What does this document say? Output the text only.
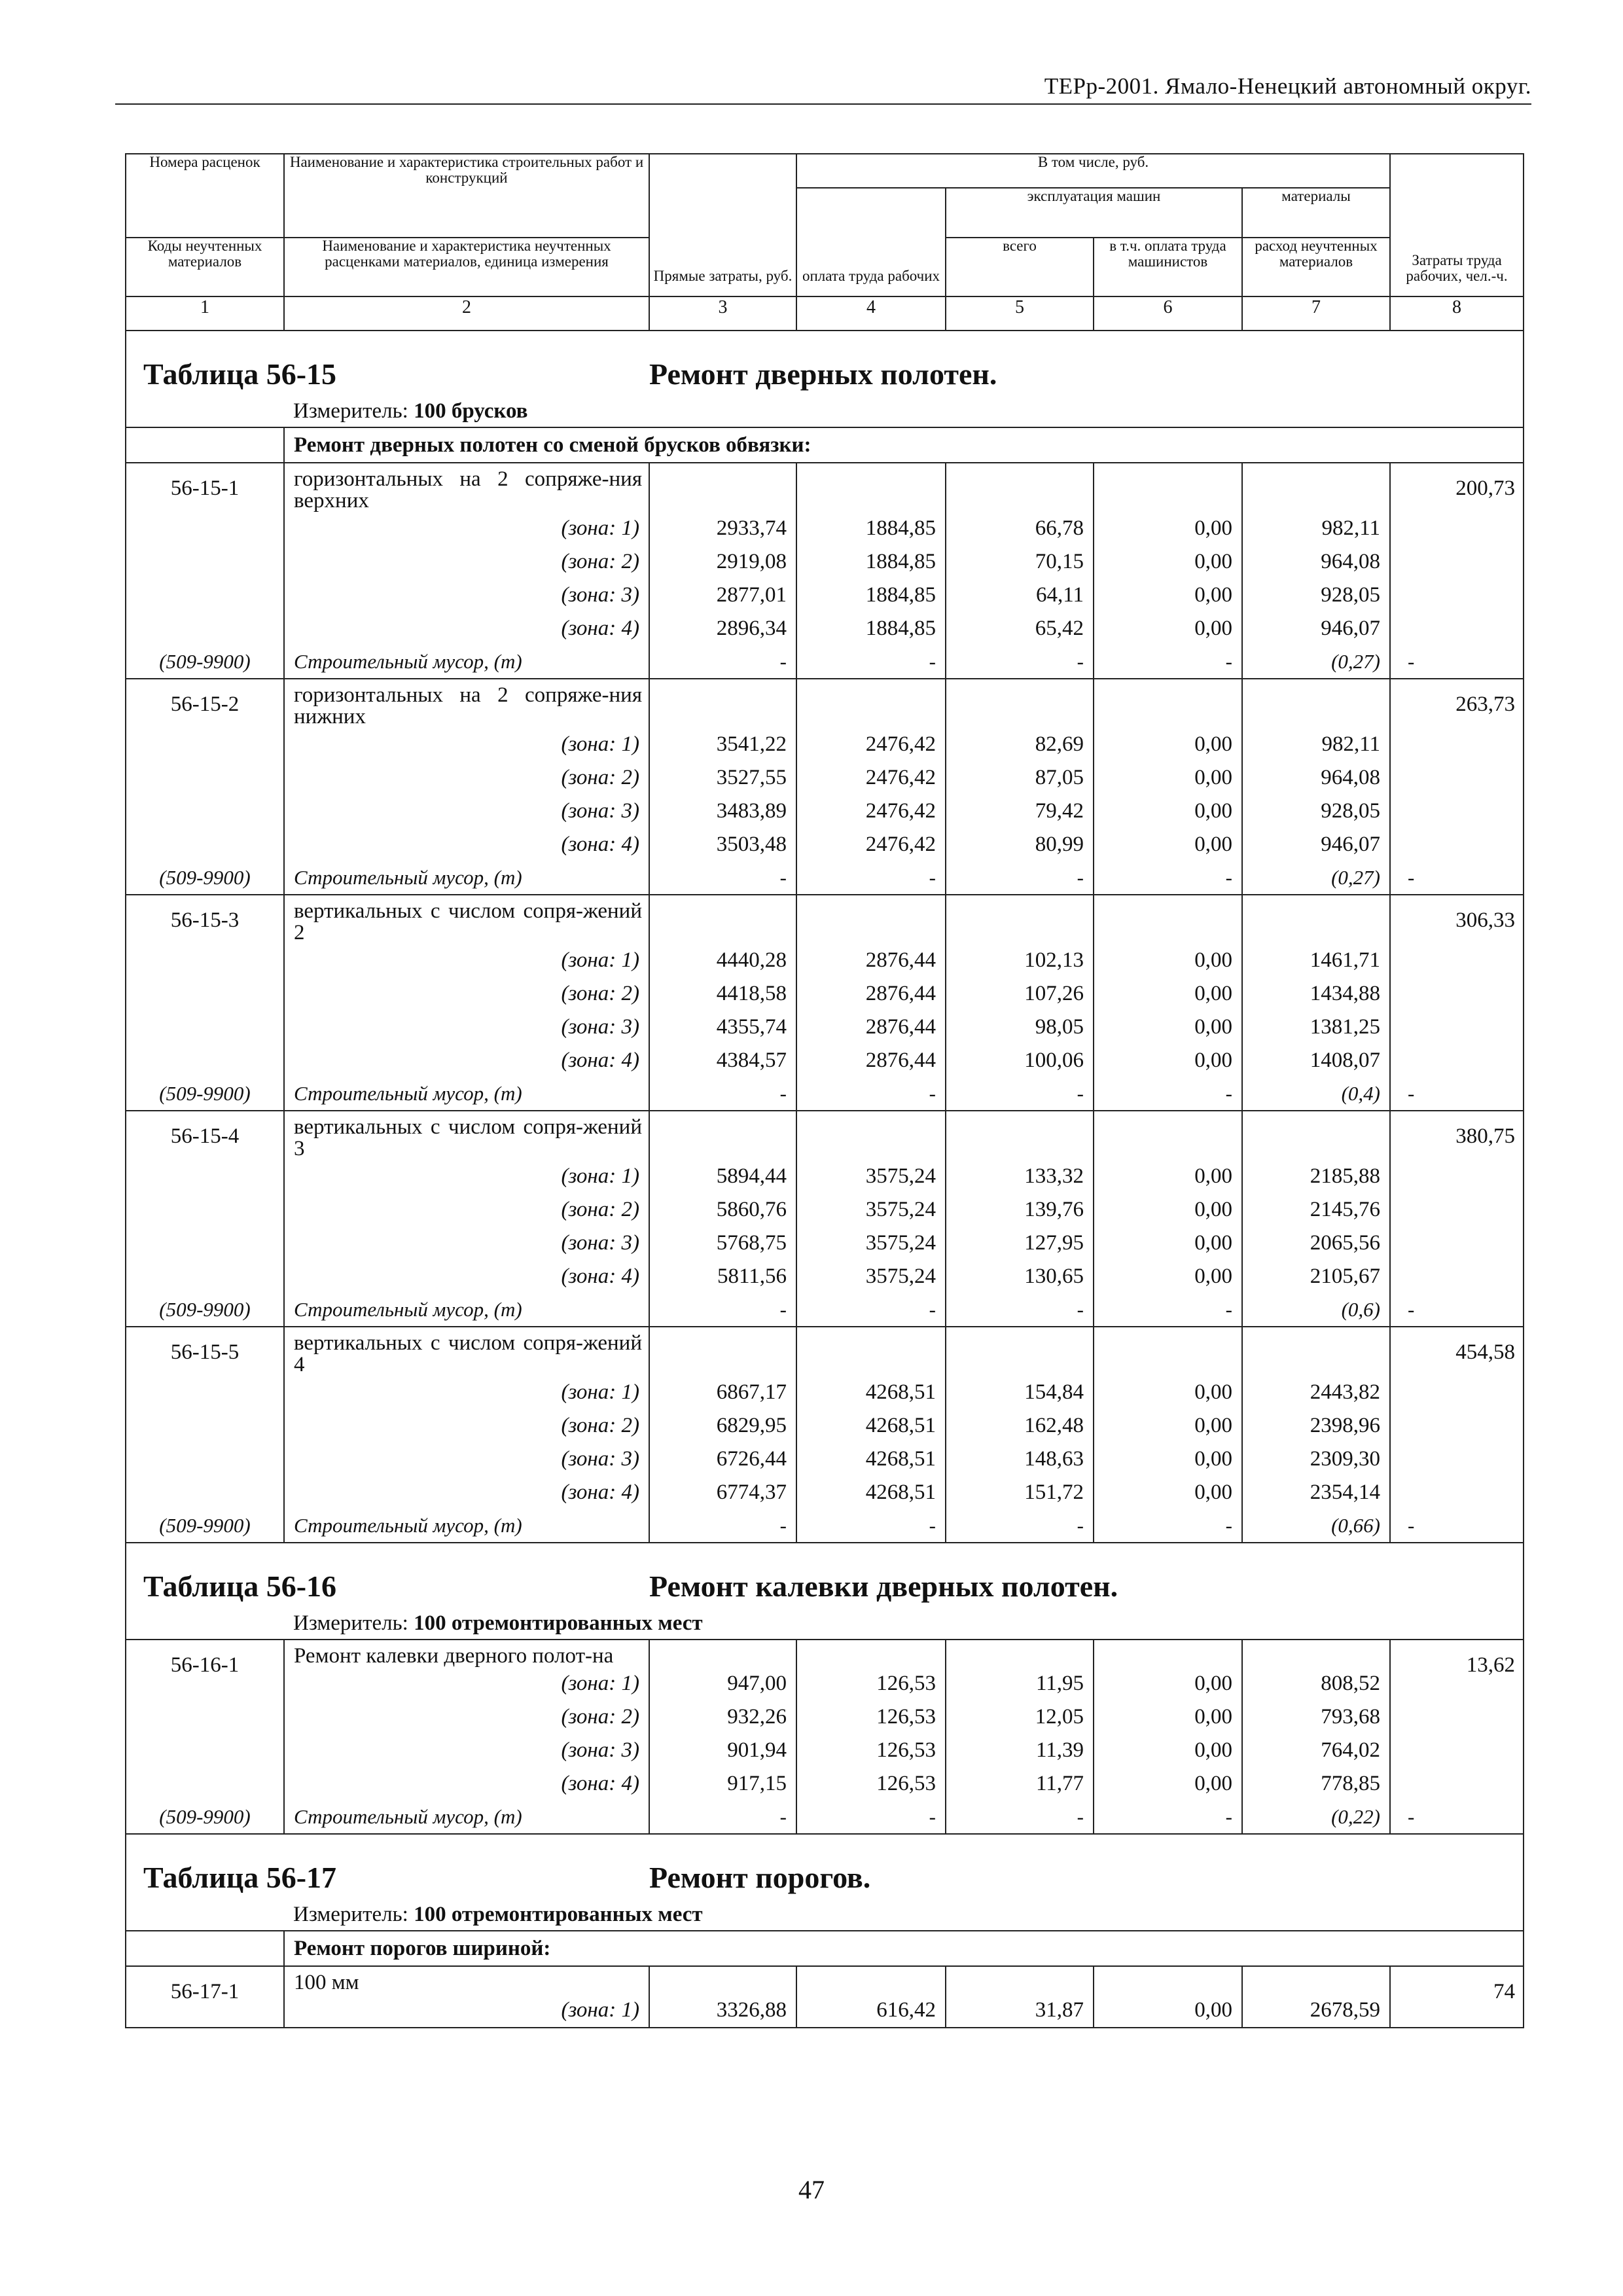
ТЕРр-2001. Ямало-Ненецкий автономный округ.
Номера расценок	Наименование и характеристика строительных работ и конструкций	Прямые затраты, руб.	В том числе, руб.				Затраты труда рабочих, чел.-ч.
			оплата труда рабочих	эксплуатация машин		материалы	

Коды неучтенных материалов	Наименование и характеристика неучтенных расценками материалов, единица измерения			всего	в т.ч. оплата труда машинистов	расход неучтенных материалов	

1	2	3	4	5	6	7	8
Таблица 56-15		Ремонт дверных полотен.					
	Измеритель: 100 брусков						
	Ремонт дверных полотен со сменой брусков обвязки:						
56-15-1	горизонтальных на 2 сопряже-ния верхних						200,73
	(зона: 1)	2933,74	1884,85	66,78	0,00	982,11	
	(зона: 2)	2919,08	1884,85	70,15	0,00	964,08	
	(зона: 3)	2877,01	1884,85	64,11	0,00	928,05	
	(зона: 4)	2896,34	1884,85	65,42	0,00	946,07	
(509-9900)	Строительный мусор, (т)	-	-	-	-	(0,27)	-
56-15-2	горизонтальных на 2 сопряже-ния нижних						263,73
	(зона: 1)	3541,22	2476,42	82,69	0,00	982,11	
	(зона: 2)	3527,55	2476,42	87,05	0,00	964,08	
	(зона: 3)	3483,89	2476,42	79,42	0,00	928,05	
	(зона: 4)	3503,48	2476,42	80,99	0,00	946,07	
(509-9900)	Строительный мусор, (т)	-	-	-	-	(0,27)	-
56-15-3	вертикальных с числом сопря-жений 2						306,33
	(зона: 1)	4440,28	2876,44	102,13	0,00	1461,71	
	(зона: 2)	4418,58	2876,44	107,26	0,00	1434,88	
	(зона: 3)	4355,74	2876,44	98,05	0,00	1381,25	
	(зона: 4)	4384,57	2876,44	100,06	0,00	1408,07	
(509-9900)	Строительный мусор, (т)	-	-	-	-	(0,4)	-
56-15-4	вертикальных с числом сопря-жений 3						380,75
	(зона: 1)	5894,44	3575,24	133,32	0,00	2185,88	
	(зона: 2)	5860,76	3575,24	139,76	0,00	2145,76	
	(зона: 3)	5768,75	3575,24	127,95	0,00	2065,56	
	(зона: 4)	5811,56	3575,24	130,65	0,00	2105,67	
(509-9900)	Строительный мусор, (т)	-	-	-	-	(0,6)	-
56-15-5	вертикальных с числом сопря-жений 4						454,58
	(зона: 1)	6867,17	4268,51	154,84	0,00	2443,82	
	(зона: 2)	6829,95	4268,51	162,48	0,00	2398,96	
	(зона: 3)	6726,44	4268,51	148,63	0,00	2309,30	
	(зона: 4)	6774,37	4268,51	151,72	0,00	2354,14	
(509-9900)	Строительный мусор, (т)	-	-	-	-	(0,66)	-
Таблица 56-16		Ремонт калевки дверных полотен.					
	Измеритель: 100 отремонтированных мест						
56-16-1	Ремонт калевки дверного полот-на						13,62
	(зона: 1)	947,00	126,53	11,95	0,00	808,52	
	(зона: 2)	932,26	126,53	12,05	0,00	793,68	
	(зона: 3)	901,94	126,53	11,39	0,00	764,02	
	(зона: 4)	917,15	126,53	11,77	0,00	778,85	
(509-9900)	Строительный мусор, (т)	-	-	-	-	(0,22)	-
Таблица 56-17		Ремонт порогов.					
	Измеритель: 100 отремонтированных мест						
	Ремонт порогов шириной:						
56-17-1	100 мм						74
	(зона: 1)	3326,88	616,42	31,87	0,00	2678,59	
47
